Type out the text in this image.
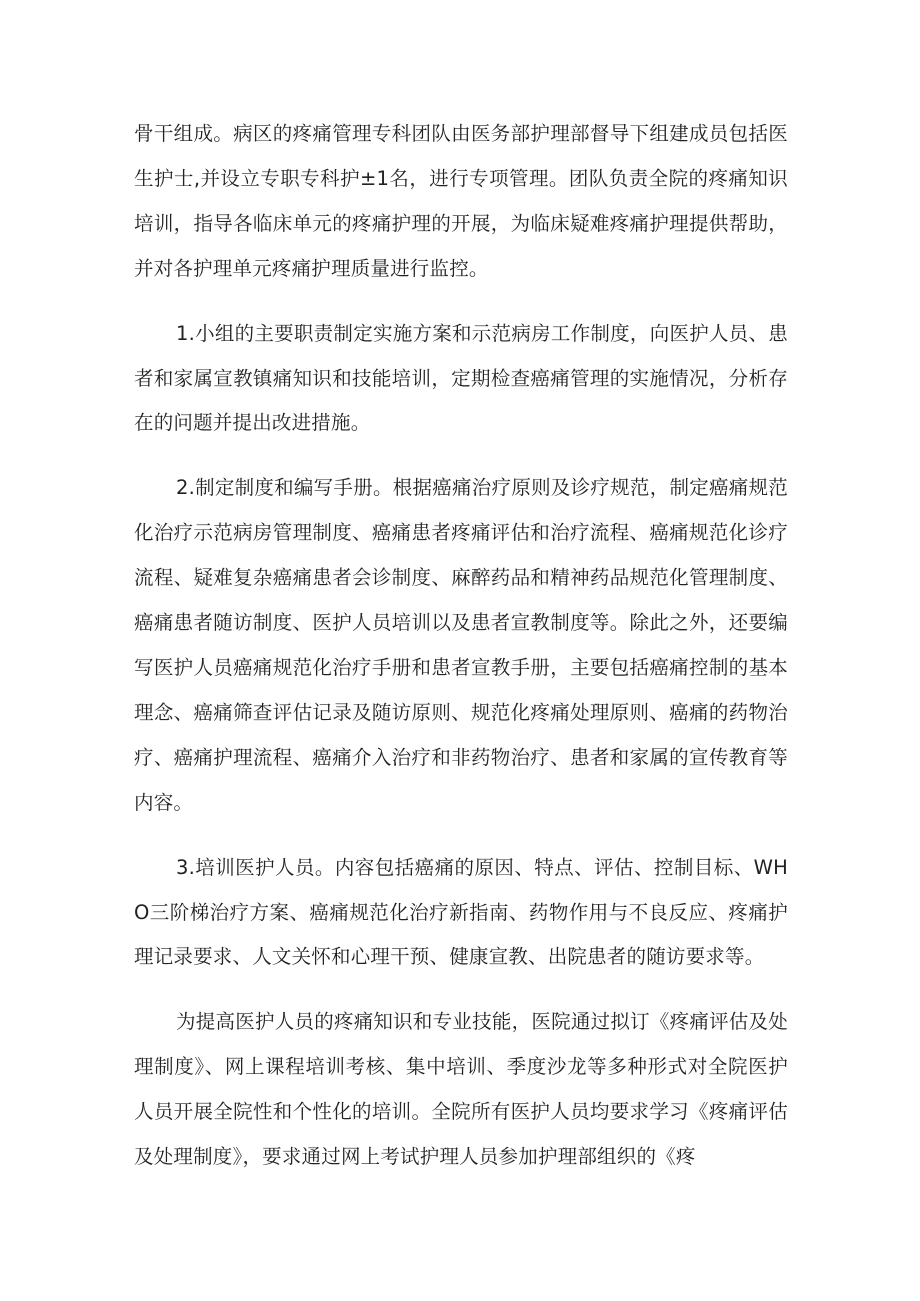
骨干组成。病区的疼痛管理专科团队由医务部护理部督导下组建成员包括医生护士,并设立专职专科护±1名，进行专项管理。团队负责全院的疼痛知识培训，指导各临床单元的疼痛护理的开展，为临床疑难疼痛护理提供帮助，并对各护理单元疼痛护理质量进行监控。

1.小组的主要职责制定实施方案和示范病房工作制度，向医护人员、患者和家属宣教镇痛知识和技能培训，定期检查癌痛管理的实施情况，分析存在的问题并提出改进措施。

2.制定制度和编写手册。根据癌痛治疗原则及诊疗规范，制定癌痛规范化治疗示范病房管理制度、癌痛患者疼痛评估和治疗流程、癌痛规范化诊疗流程、疑难复杂癌痛患者会诊制度、麻醉药品和精神药品规范化管理制度、癌痛患者随访制度、医护人员培训以及患者宣教制度等。除此之外，还要编写医护人员癌痛规范化治疗手册和患者宣教手册，主要包括癌痛控制的基本理念、癌痛筛查评估记录及随访原则、规范化疼痛处理原则、癌痛的药物治疗、癌痛护理流程、癌痛介入治疗和非药物治疗、患者和家属的宣传教育等内容。

3.培训医护人员。内容包括癌痛的原因、特点、评估、控制目标、WHO三阶梯治疗方案、癌痛规范化治疗新指南、药物作用与不良反应、疼痛护理记录要求、人文关怀和心理干预、健康宣教、出院患者的随访要求等。

为提高医护人员的疼痛知识和专业技能，医院通过拟订《疼痛评估及处理制度》、网上课程培训考核、集中培训、季度沙龙等多种形式对全院医护人员开展全院性和个性化的培训。全院所有医护人员均要求学习《疼痛评估及处理制度》，要求通过网上考试护理人员参加护理部组织的《疼
